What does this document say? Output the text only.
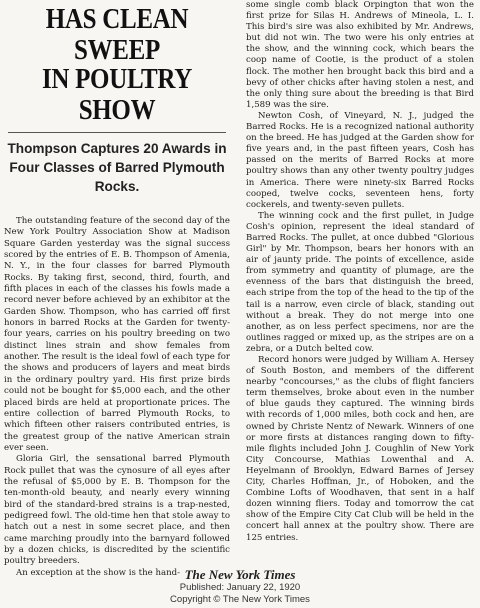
HAS CLEAN SWEEP
IN POULTRY SHOW
Thompson Captures 20 Awards in Four Classes of Barred Plymouth Rocks.

The outstanding feature of the second day of the New York Poultry Association Show at Madison Square Garden yesterday was the signal success scored by the entries of E. B. Thompson of Amenia, N. Y., in the four classes for barred Plymouth Rocks. By taking first, second, third, fourth, and fifth places in each of the classes his fowls made a record never before achieved by an exhibitor at the Garden Show. Thompson, who has carried off first honors in barred Rocks at the Garden for twenty-four years, carries on his poultry breeding on two distinct lines strain and show females from another. The result is the ideal fowl of each type for the shows and producers of layers and meat birds in the ordinary poultry yard. His first prize birds could not be bought for $5,000 each, and the other placed birds are held at proportionate prices. The entire collection of barred Plymouth Rocks, to which fifteen other raisers contributed entries, is the greatest group of the native American strain ever seen.

Gloria Girl, the sensational barred Plymouth Rock pullet that was the cynosure of all eyes after the refusal of $5,000 by E. B. Thompson for the ten-month-old beauty, and nearly every winning bird of the standard-bred strains is a trap-nested, pedigreed fowl. The old-time hen that stole away to hatch out a nest in some secret place, and then came marching proudly into the barnyard followed by a dozen chicks, is discredited by the scientific poultry breeders.

An exception at the show is the hand-

some single comb black Orpington that won the first prize for Silas H. Andrews of Mineola, L. I. This bird's sire was also exhibited by Mr. Andrews, but did not win. The two were his only entries at the show, and the winning cock, which bears the coop name of Cootie, is the product of a stolen flock. The mother hen brought back this bird and a bevy of other chicks after having stolen a nest, and the only thing sure about the breeding is that Bird 1,589 was the sire.

Newton Cosh, of Vineyard, N. J., judged the Barred Rocks. He is a recognized national authority on the breed. He has judged at the Garden show for five years and, in the past fifteen years, Cosh has passed on the merits of Barred Rocks at more poultry shows than any other twenty poultry judges in America. There were ninety-six Barred Rocks cooped, twelve cocks, seventeen hens, forty cockerels, and twenty-seven pullets.

The winning cock and the first pullet, in Judge Cosh's opinion, represent the ideal standard of Barred Rocks. The pullet, at once dubbed "Glorious Girl" by Mr. Thompson, bears her honors with an air of jaunty pride. The points of excellence, aside from symmetry and quantity of plumage, are the evenness of the bars that distinguish the breed, each stripe from the top of the head to the tip of the tail is a narrow, even circle of black, standing out without a break. They do not merge into one another, as on less perfect specimens, nor are the outlines ragged or mixed up, as the stripes are on a zebra, or a Dutch belted cow.

Record honors were judged by William A. Hersey of South Boston, and members of the different nearby "concourses," as the clubs of flight fanciers term themselves, broke about even in the number of blue gauds they captured. The winning birds with records of 1,000 miles, both cock and hen, are owned by Christe Nentz of Newark. Winners of one or more firsts at distances ranging down to fifty-mile flights included John J. Coughlin of New York City Concourse, Mathias Lowenthal and A. Heyelmann of Brooklyn, Edward Barnes of Jersey City, Charles Hoffman, Jr., of Hoboken, and the Combine Lofts of Woodhaven, that sent in a half dozen winning fliers. Today and tomorrow the cat show of the Empire City Cat Club will be held in the concert hall annex at the poultry show. There are 125 entries.

The New York Times
Published: January 22, 1920
Copyright © The New York Times
